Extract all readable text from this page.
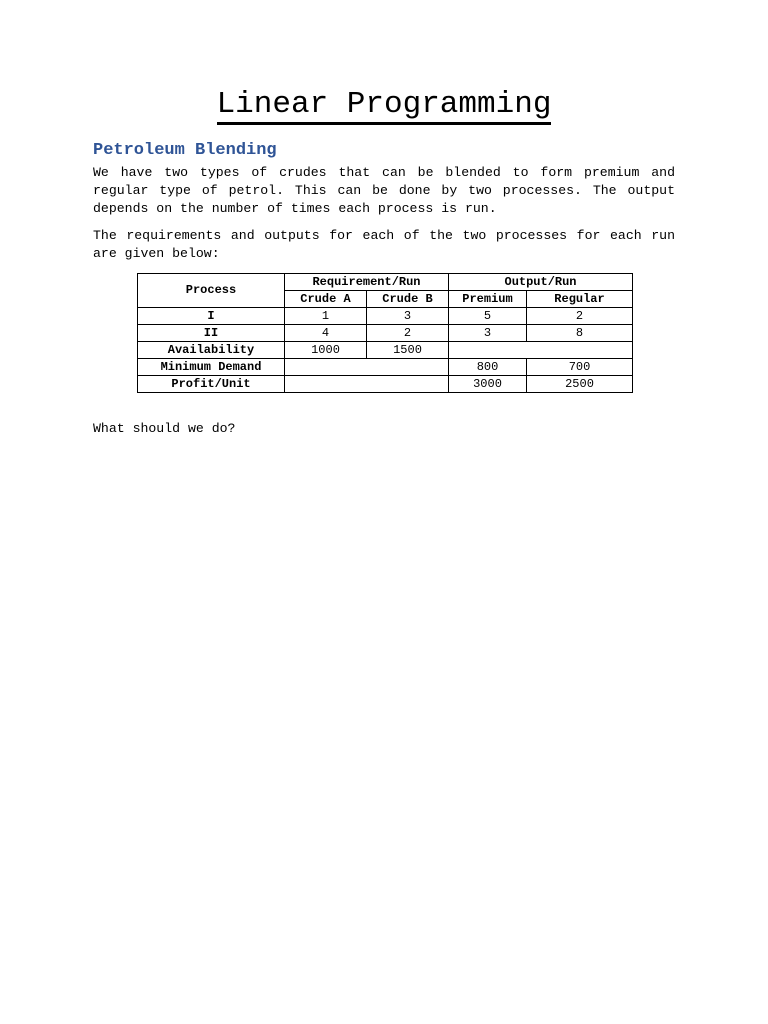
Linear Programming
Petroleum Blending

We have two types of crudes that can be blended to form premium and regular type of petrol. This can be done by two processes. The output depends on the number of times each process is run.

The requirements and outputs for each of the two processes for each run are given below:

Process	Requirement/Run		Output/Run	
	Crude A	Crude B	Premium	Regular
I	1	3	5	2
II	4	2	3	8
Availability	1000	1500		
Minimum Demand			800	700
Profit/Unit			3000	2500

What should we do?
